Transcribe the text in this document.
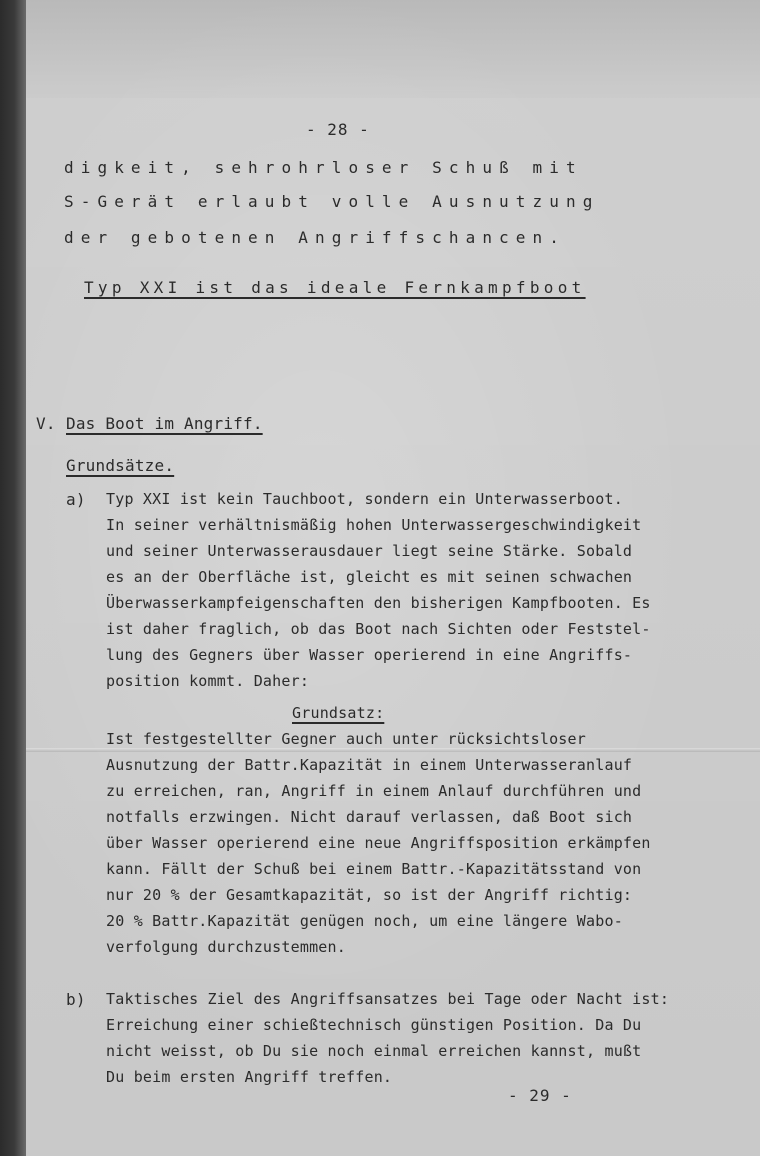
- 28 -
digkeit, sehrohrloser Schuß mit
S-Gerät erlaubt volle Ausnutzung
der gebotenen Angriffschancen.
Typ XXI ist das ideale Fernkampfboot
V. Das Boot im Angriff.
Grundsätze.
a) Typ XXI ist kein Tauchboot, sondern ein Unterwasserboot.
In seiner verhältnismäßig hohen Unterwassergeschwindigkeit
und seiner Unterwasserausdauer liegt seine Stärke. Sobald
es an der Oberfläche ist, gleicht es mit seinen schwachen
Überwasserkampfeigenschaften den bisherigen Kampfbooten. Es
ist daher fraglich, ob das Boot nach Sichten oder Feststel-
lung des Gegners über Wasser operierend in eine Angriffs-
position kommt. Daher:
Grundsatz:
Ist festgestellter Gegner auch unter rücksichtsloser
Ausnutzung der Battr.Kapazität in einem Unterwasseranlauf
zu erreichen, ran, Angriff in einem Anlauf durchführen und
notfalls erzwingen. Nicht darauf verlassen, daß Boot sich
über Wasser operierend eine neue Angriffsposition erkämpfen
kann. Fällt der Schuß bei einem Battr.-Kapazitätsstand von
nur 20 % der Gesamtkapazität, so ist der Angriff richtig:
20 % Battr.Kapazität genügen noch, um eine längere Wabo-
verfolgung durchzustemmen.
b) Taktisches Ziel des Angriffsansatzes bei Tage oder Nacht ist:
Erreichung einer schießtechnisch günstigen Position. Da Du
nicht weisst, ob Du sie noch einmal erreichen kannst, mußt
Du beim ersten Angriff treffen.
- 29 -
